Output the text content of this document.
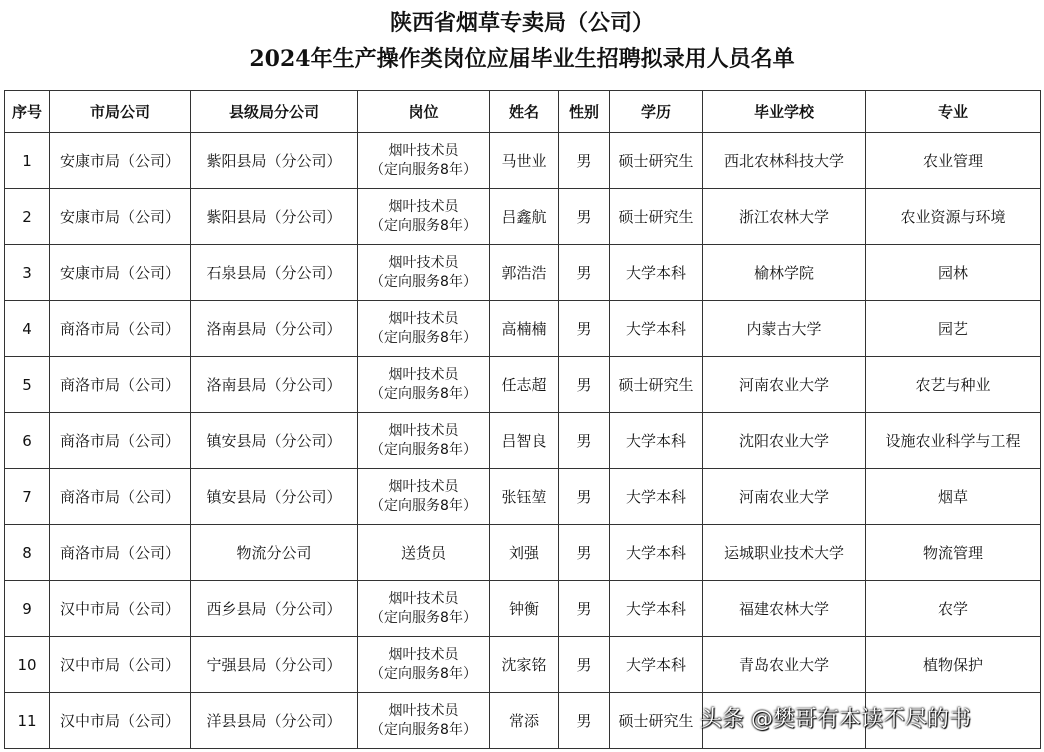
陕西省烟草专卖局（公司）
2024年生产操作类岗位应届毕业生招聘拟录用人员名单
序号	市局公司	县级局分公司	岗位	姓名	性别	学历	毕业学校	专业
1	安康市局（公司）	紫阳县局（分公司）	烟叶技术员
（定向服务8年）	马世业	男	硕士研究生	西北农林科技大学	农业管理
2	安康市局（公司）	紫阳县局（分公司）	烟叶技术员
（定向服务8年）	吕鑫航	男	硕士研究生	浙江农林大学	农业资源与环境
3	安康市局（公司）	石泉县局（分公司）	烟叶技术员
（定向服务8年）	郭浩浩	男	大学本科	榆林学院	园林
4	商洛市局（公司）	洛南县局（分公司）	烟叶技术员
（定向服务8年）	高楠楠	男	大学本科	内蒙古大学	园艺
5	商洛市局（公司）	洛南县局（分公司）	烟叶技术员
（定向服务8年）	任志超	男	硕士研究生	河南农业大学	农艺与种业
6	商洛市局（公司）	镇安县局（分公司）	烟叶技术员
（定向服务8年）	吕智良	男	大学本科	沈阳农业大学	设施农业科学与工程
7	商洛市局（公司）	镇安县局（分公司）	烟叶技术员
（定向服务8年）	张钰堃	男	大学本科	河南农业大学	烟草
8	商洛市局（公司）	物流分公司	送货员	刘强	男	大学本科	运城职业技术大学	物流管理
9	汉中市局（公司）	西乡县局（分公司）	烟叶技术员
（定向服务8年）	钟衡	男	大学本科	福建农林大学	农学
10	汉中市局（公司）	宁强县局（分公司）	烟叶技术员
（定向服务8年）	沈家铭	男	大学本科	青岛农业大学	植物保护
11	汉中市局（公司）	洋县县局（分公司）	烟叶技术员
（定向服务8年）	常添	男	硕士研究生		头条 @樊哥有本读不尽的书
